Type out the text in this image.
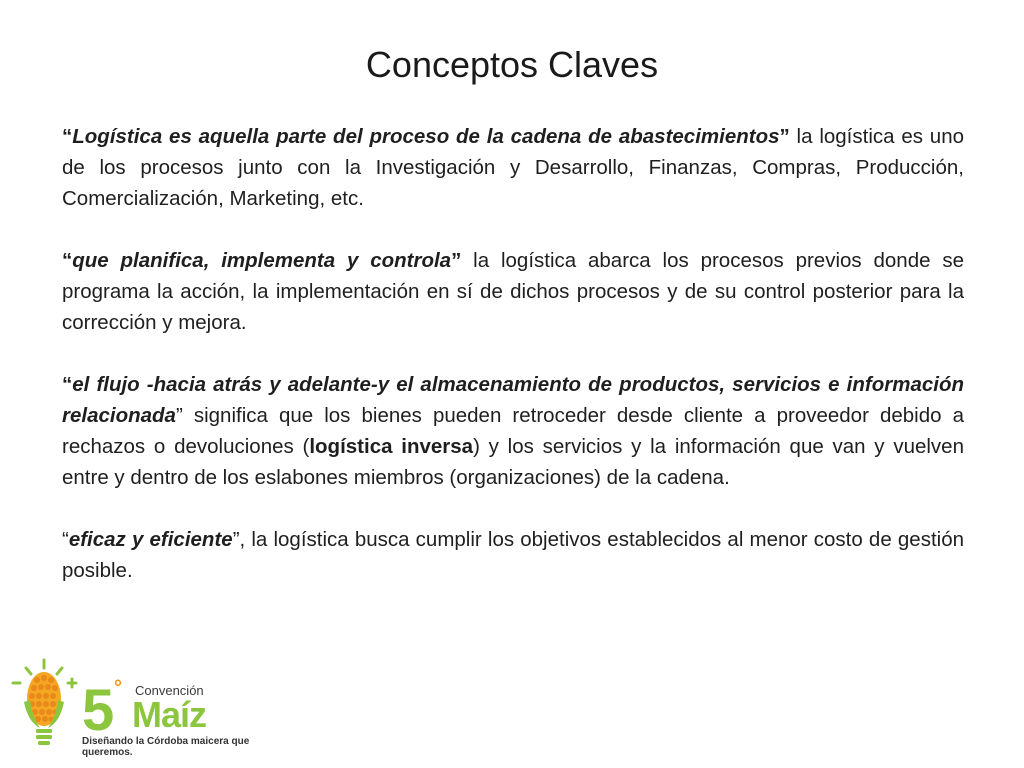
Conceptos Claves

“Logística es aquella parte del proceso de la cadena de abastecimientos” la logística es uno de los procesos junto con la Investigación y Desarrollo, Finanzas, Compras, Producción, Comercialización, Marketing, etc.

“que planifica, implementa y controla” la logística abarca los procesos previos donde se programa la acción, la implementación en sí de dichos procesos y de su control posterior para la corrección y mejora.

“el flujo -hacia atrás y adelante-y el almacenamiento de productos, servicios e información relacionada” significa que los bienes pueden retroceder desde cliente a proveedor debido a rechazos o devoluciones (logística inversa) y los servicios y la información que van y vuelven entre y dentro de los eslabones miembros (organizaciones) de la cadena.

“eficaz y eficiente”, la logística busca cumplir los objetivos establecidos al menor costo de gestión posible.

5 ° Convención
Maíz
Diseñando la Córdoba maicera que queremos.
